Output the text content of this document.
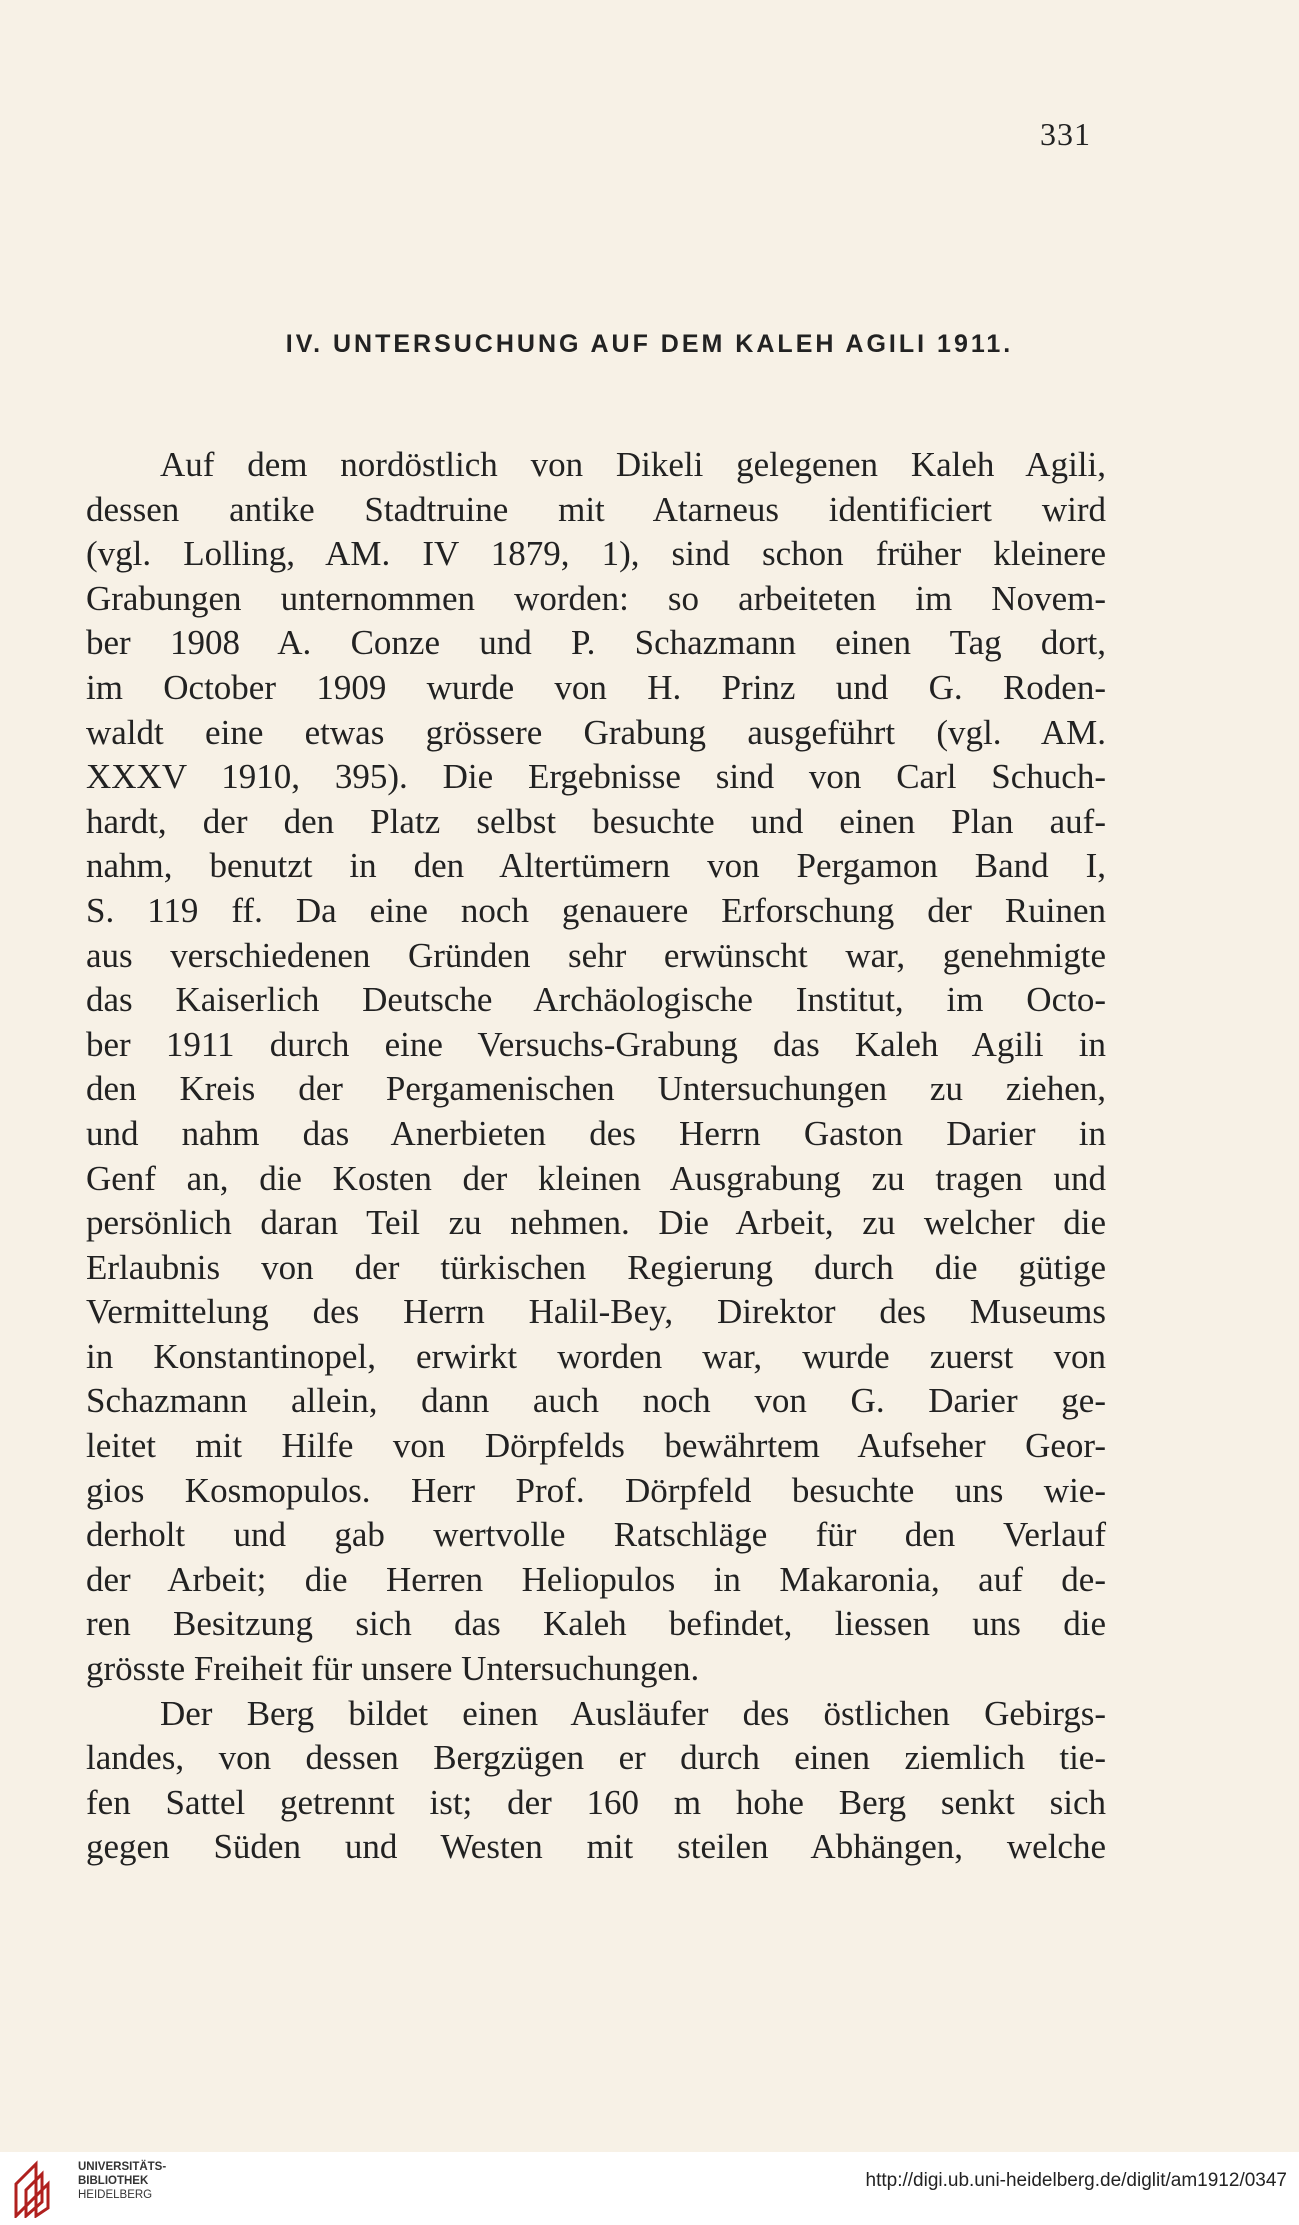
331
IV. UNTERSUCHUNG AUF DEM KALEH AGILI 1911.
Auf dem nordöstlich von Dikeli gelegenen Kaleh Agili,
dessen antike Stadtruine mit Atarneus identificiert wird
(vgl. Lolling, AM. IV 1879, 1), sind schon früher kleinere
Grabungen unternommen worden: so arbeiteten im Novem-
ber 1908 A. Conze und P. Schazmann einen Tag dort,
im October 1909 wurde von H. Prinz und G. Roden-
waldt eine etwas grössere Grabung ausgeführt (vgl. AM.
XXXV 1910, 395). Die Ergebnisse sind von Carl Schuch-
hardt, der den Platz selbst besuchte und einen Plan auf-
nahm, benutzt in den Altertümern von Pergamon Band I,
S. 119 ff. Da eine noch genauere Erforschung der Ruinen
aus verschiedenen Gründen sehr erwünscht war, genehmigte
das Kaiserlich Deutsche Archäologische Institut, im Octo-
ber 1911 durch eine Versuchs-Grabung das Kaleh Agili in
den Kreis der Pergamenischen Untersuchungen zu ziehen,
und nahm das Anerbieten des Herrn Gaston Darier in
Genf an, die Kosten der kleinen Ausgrabung zu tragen und
persönlich daran Teil zu nehmen. Die Arbeit, zu welcher die
Erlaubnis von der türkischen Regierung durch die gütige
Vermittelung des Herrn Halil-Bey, Direktor des Museums
in Konstantinopel, erwirkt worden war, wurde zuerst von
Schazmann allein, dann auch noch von G. Darier ge-
leitet mit Hilfe von Dörpfelds bewährtem Aufseher Geor-
gios Kosmopulos. Herr Prof. Dörpfeld besuchte uns wie-
derholt und gab wertvolle Ratschläge für den Verlauf
der Arbeit; die Herren Heliopulos in Makaronia, auf de-
ren Besitzung sich das Kaleh befindet, liessen uns die
grösste Freiheit für unsere Untersuchungen.
Der Berg bildet einen Ausläufer des östlichen Gebirgs-
landes, von dessen Bergzügen er durch einen ziemlich tie-
fen Sattel getrennt ist; der 160 m hohe Berg senkt sich
gegen Süden und Westen mit steilen Abhängen, welche
UNIVERSITÄTS-
BIBLIOTHEK
HEIDELBERG
http://digi.ub.uni-heidelberg.de/diglit/am1912/0347
